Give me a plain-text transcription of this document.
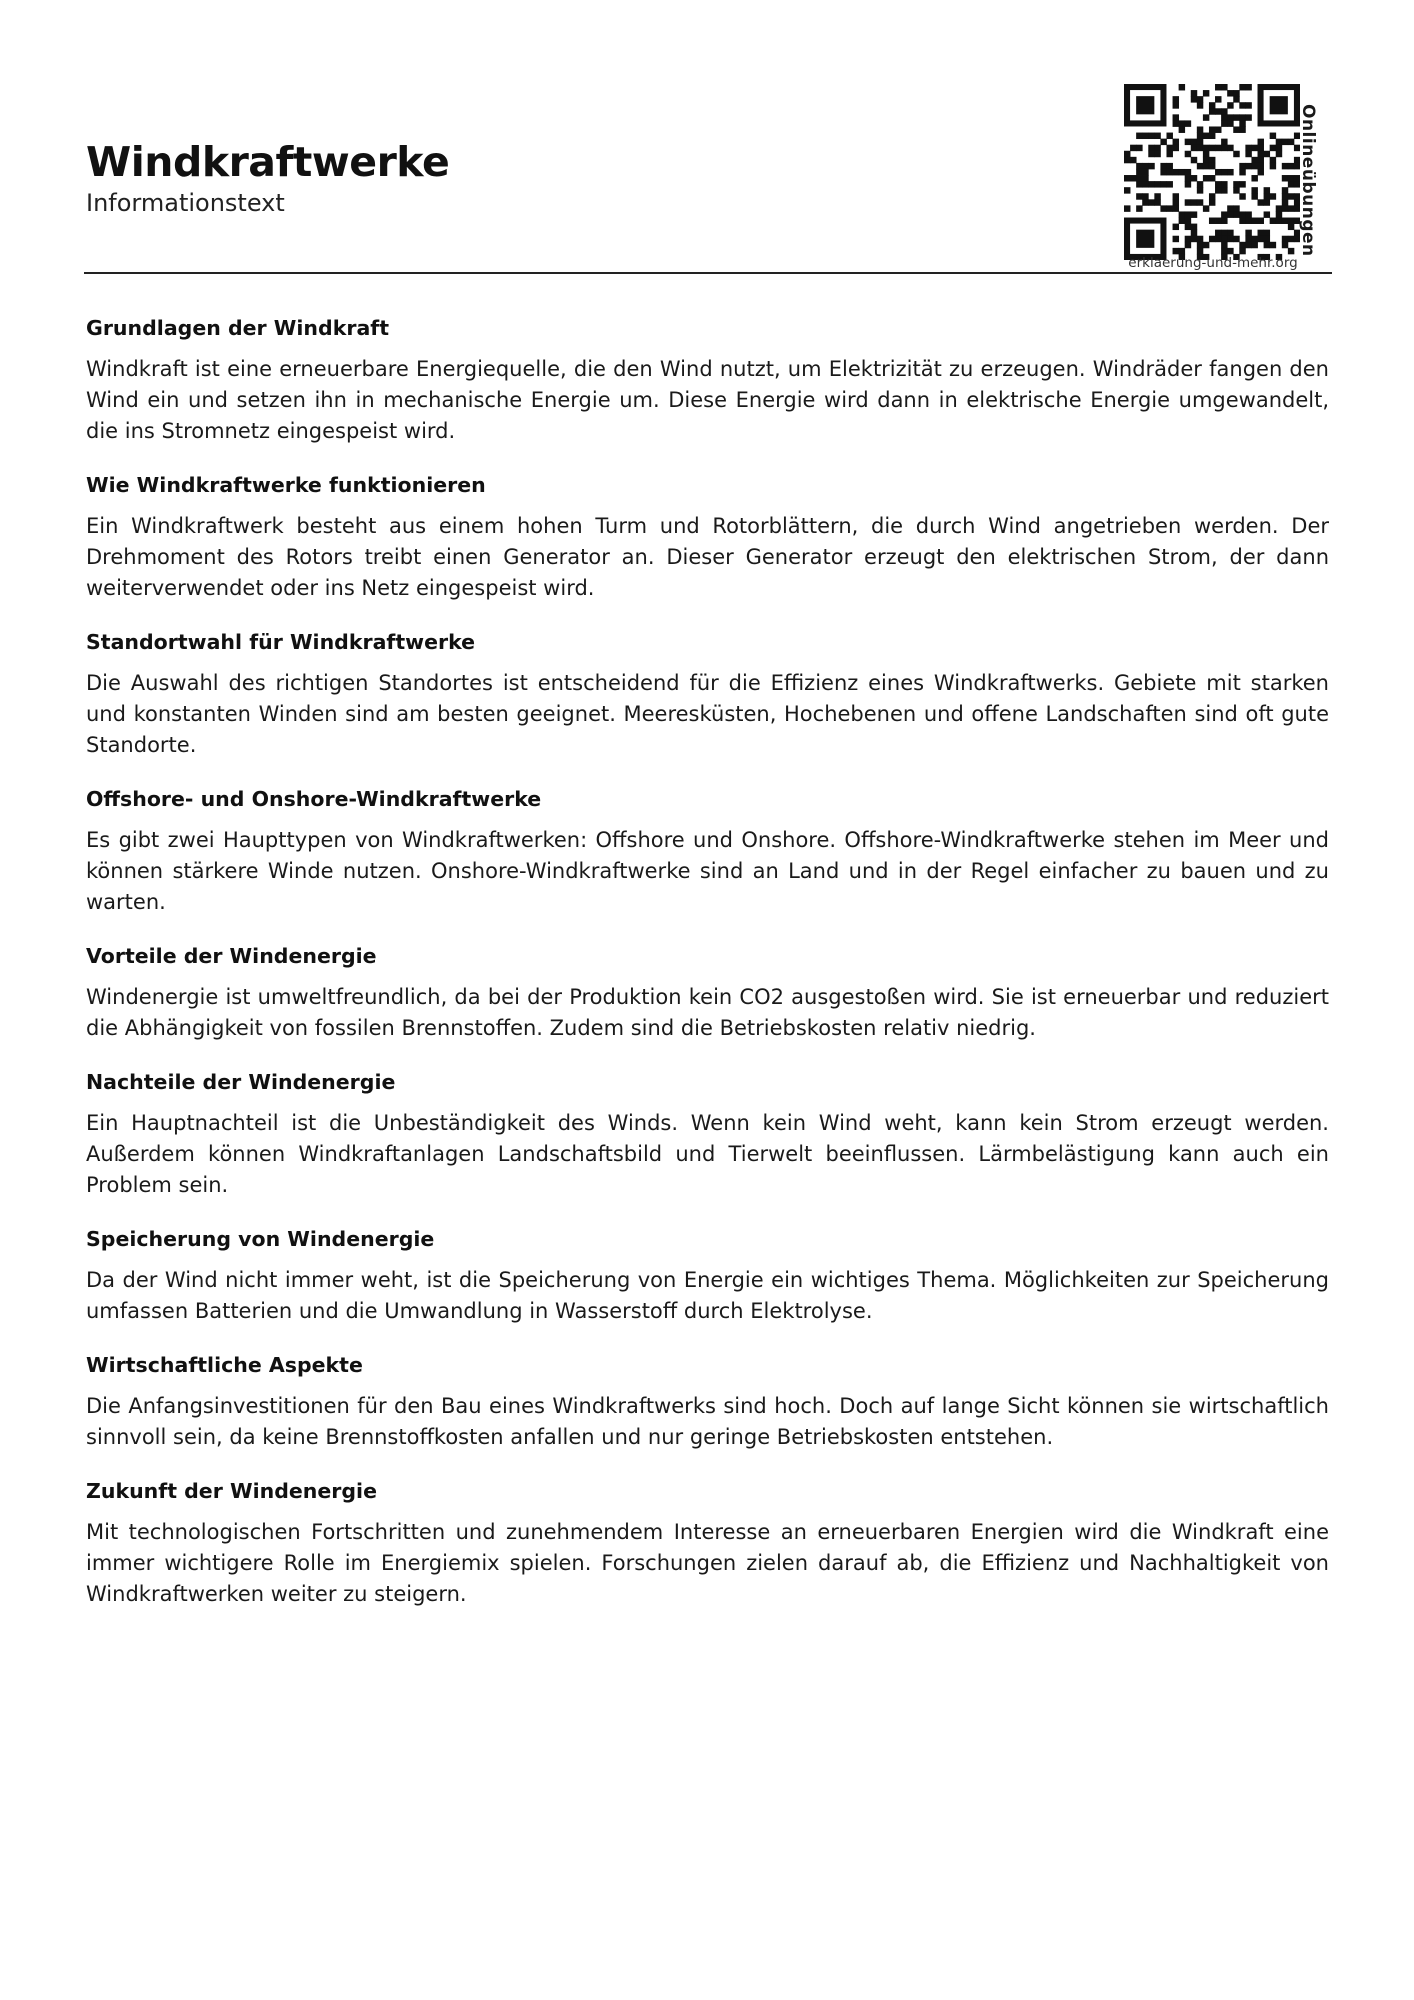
Windkraftwerke

Informationstext	Onlineübungen
erklaerung-und-mehr.org
Grundlagen der Windkraft

Windkraft ist eine erneuerbare Energiequelle, die den Wind nutzt, um Elektrizität zu erzeugen. Windräder fangen den Wind ein und setzen ihn in mechanische Energie um. Diese Energie wird dann in elektrische Energie umgewandelt, die ins Stromnetz eingespeist wird.

Wie Windkraftwerke funktionieren

Ein Windkraftwerk besteht aus einem hohen Turm und Rotorblättern, die durch Wind angetrieben werden. Der Drehmoment des Rotors treibt einen Generator an. Dieser Generator erzeugt den elektrischen Strom, der dann weiterverwendet oder ins Netz eingespeist wird.

Standortwahl für Windkraftwerke

Die Auswahl des richtigen Standortes ist entscheidend für die Effizienz eines Windkraftwerks. Gebiete mit starken und konstanten Winden sind am besten geeignet. Meeresküsten, Hochebenen und offene Landschaften sind oft gute Standorte.

Offshore- und Onshore-Windkraftwerke

Es gibt zwei Haupttypen von Windkraftwerken: Offshore und Onshore. Offshore-Windkraftwerke stehen im Meer und können stärkere Winde nutzen. Onshore-Windkraftwerke sind an Land und in der Regel einfacher zu bauen und zu warten.

Vorteile der Windenergie

Windenergie ist umweltfreundlich, da bei der Produktion kein CO2 ausgestoßen wird. Sie ist erneuerbar und reduziert die Abhängigkeit von fossilen Brennstoffen. Zudem sind die Betriebskosten relativ niedrig.

Nachteile der Windenergie

Ein Hauptnachteil ist die Unbeständigkeit des Winds. Wenn kein Wind weht, kann kein Strom erzeugt werden. Außerdem können Windkraftanlagen Landschaftsbild und Tierwelt beeinflussen. Lärmbelästigung kann auch ein Problem sein.

Speicherung von Windenergie

Da der Wind nicht immer weht, ist die Speicherung von Energie ein wichtiges Thema. Möglichkeiten zur Speicherung umfassen Batterien und die Umwandlung in Wasserstoff durch Elektrolyse.

Wirtschaftliche Aspekte

Die Anfangsinvestitionen für den Bau eines Windkraftwerks sind hoch. Doch auf lange Sicht können sie wirtschaftlich sinnvoll sein, da keine Brennstoffkosten anfallen und nur geringe Betriebskosten entstehen.

Zukunft der Windenergie

Mit technologischen Fortschritten und zunehmendem Interesse an erneuerbaren Energien wird die Windkraft eine immer wichtigere Rolle im Energiemix spielen. Forschungen zielen darauf ab, die Effizienz und Nachhaltigkeit von Windkraftwerken weiter zu steigern.
